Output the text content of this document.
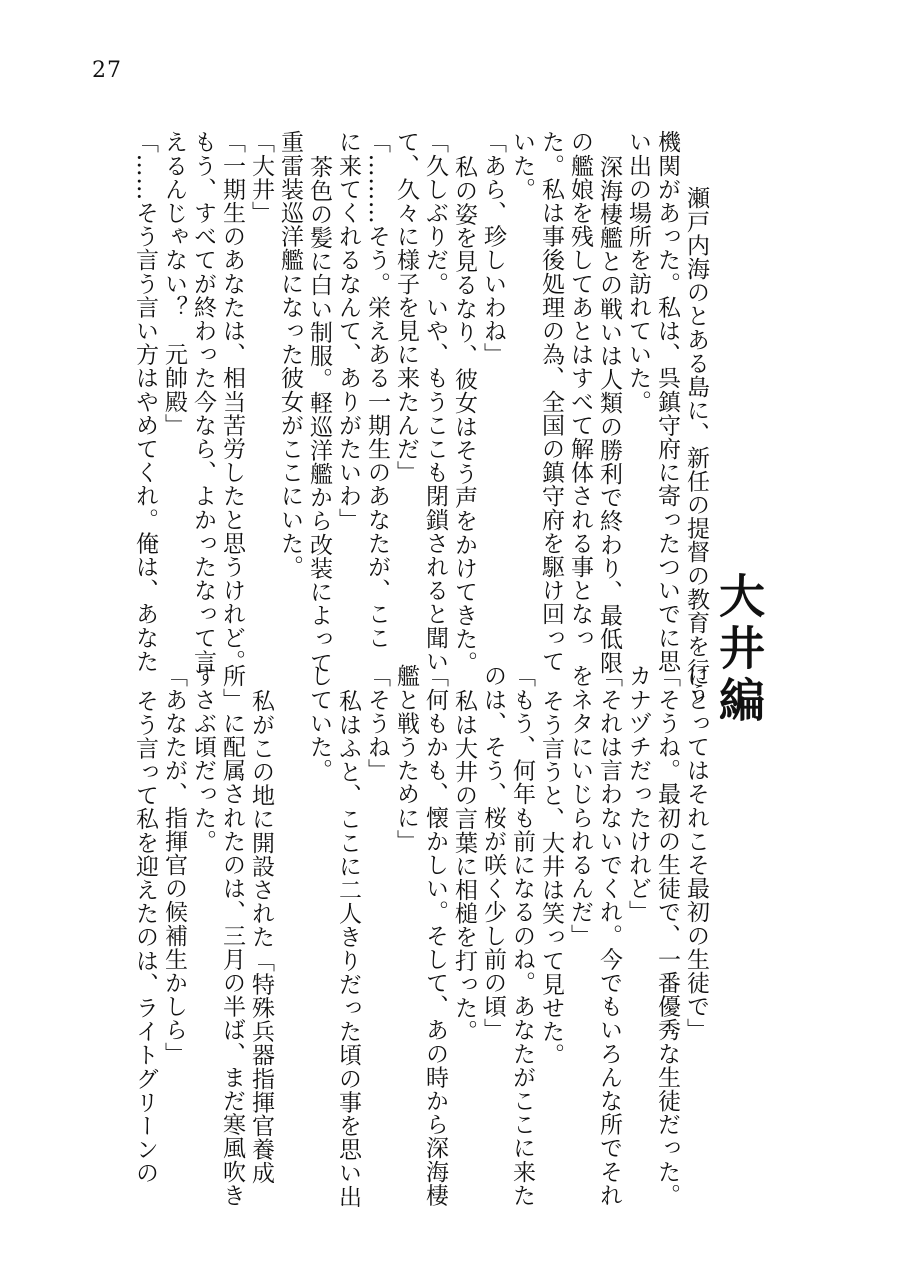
27
大井編
瀬戸内海のとある島に、新任の提督の教育を行う
機関があった。私は、呉鎮守府に寄ったついでに思
い出の場所を訪れていた。
深海棲艦との戦いは人類の勝利で終わり、最低限
の艦娘を残してあとはすべて解体される事となっ
た。私は事後処理の為、全国の鎮守府を駆け回って
いた。
「あら、珍しいわね」
私の姿を見るなり、彼女はそう声をかけてきた。
「久しぶりだ。いや、もうここも閉鎖されると聞い
て、久々に様子を見に来たんだ」
「………そう。栄えある一期生のあなたが、ここ
に来てくれるなんて、ありがたいわ」
茶色の髪に白い制服。軽巡洋艦から改装によって
重雷装巡洋艦になった彼女がここにいた。
「大井」
「一期生のあなたは、相当苦労したと思うけれど。
もう、すべてが終わった今なら、よかったなって言
えるんじゃない？　元帥殿」
「……そう言う言い方はやめてくれ。俺は、あなた
にとってはそれこそ最初の生徒で」
「そうね。最初の生徒で、一番優秀な生徒だった。
カナヅチだったけれど」
「それは言わないでくれ。今でもいろんな所でそれ
をネタにいじられるんだ」
そう言うと、大井は笑って見せた。
「もう、何年も前になるのね。あなたがここに来た
のは、そう、桜が咲く少し前の頃」
私は大井の言葉に相槌を打った。
「何もかも、懐かしい。そして、あの時から深海棲
艦と戦うために」
「そうね」
私はふと、ここに二人きりだった頃の事を思い出
していた。
私がこの地に開設された「特殊兵器指揮官養成
所」に配属されたのは、三月の半ば、まだ寒風吹き
すさぶ頃だった。
「あなたが、指揮官の候補生かしら」
そう言って私を迎えたのは、ライトグリーンの
